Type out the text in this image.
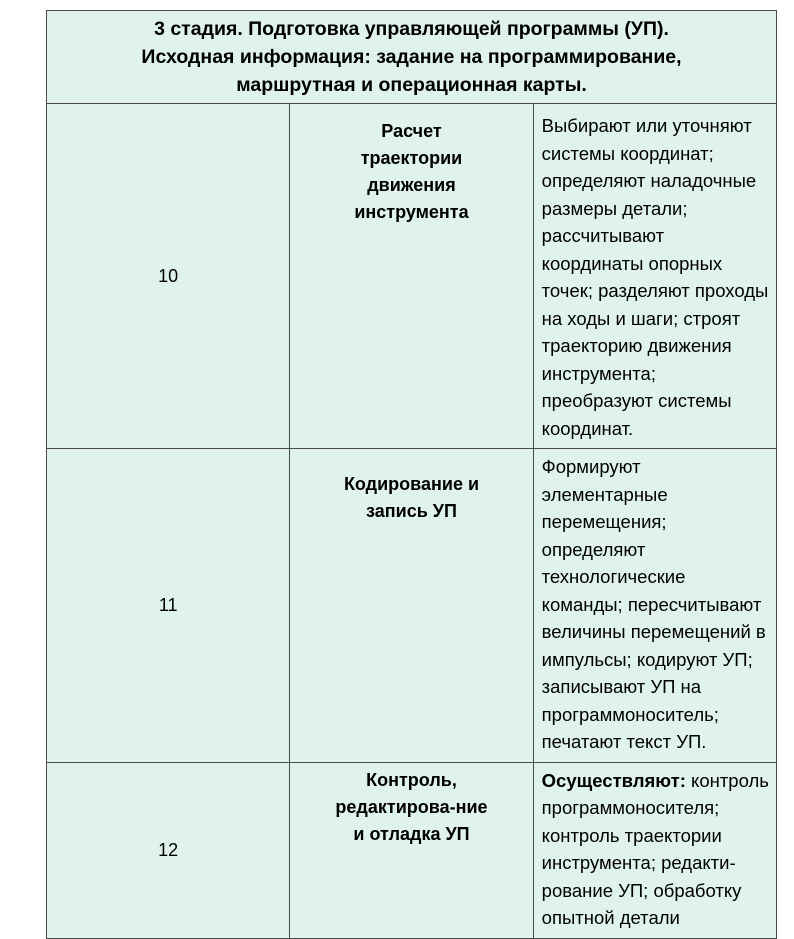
3 стадия. Подготовка управляющей программы (УП).
Исходная информация: задание на программирование,
маршрутная и операционная карты.		

10	Расчет траектории движения инструмента	Выбирают или уточняют системы координат; определяют наладочные размеры детали; рассчитывают координаты опорных точек; разделяют проходы на ходы и шаги; строят траекторию движения инструмента; преобразуют системы координат.
11	Кодирование и запись УП	Формируют элементарные перемещения; определяют технологические команды; пересчитывают величины перемещений в импульсы; кодируют УП; записывают УП на программоноситель; печатают текст УП.
12	Контроль, редактирова-ние и отладка УП	Осуществляют: контроль программоносителя; контроль траектории инструмента; редакти-рование УП; обработку опытной детали
